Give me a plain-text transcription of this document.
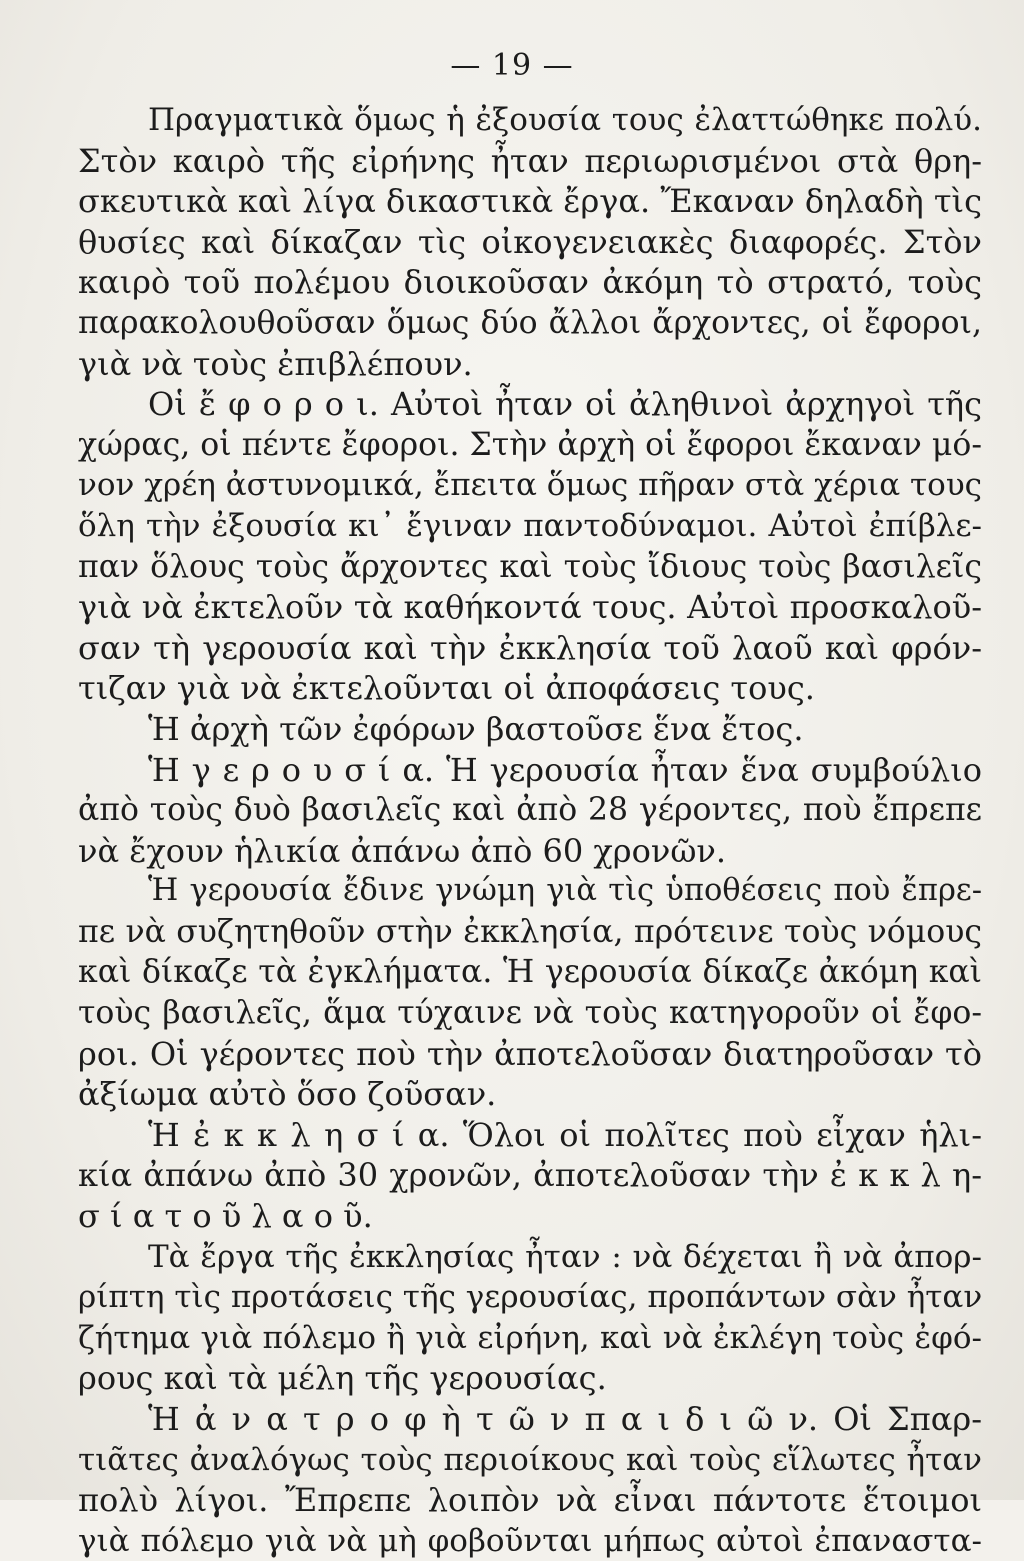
— 19 —
Πραγματικὰ ὅμως ἡ ἐξουσία τους ἐλαττώθηκε πολύ.
Στὸν καιρὸ τῆς εἰρήνης ἦταν περιωρισμένοι στὰ θρη-
σκευτικὰ καὶ λίγα δικαστικὰ ἔργα. Ἔκαναν δηλαδὴ τὶς
θυσίες καὶ δίκαζαν τὶς οἰκογενειακὲς διαφορές. Στὸν
καιρὸ τοῦ πολέμου διοικοῦσαν ἀκόμη τὸ στρατό, τοὺς
παρακολουθοῦσαν ὅμως δύο ἄλλοι ἄρχοντες, οἱ ἔφοροι,
γιὰ νὰ τοὺς ἐπιβλέπουν.
Οἱ ἔ φ ο ρ ο ι. Αὐτοὶ ἦταν οἱ ἀληθινοὶ ἀρχηγοὶ τῆς
χώρας, οἱ πέντε ἔφοροι. Στὴν ἀρχὴ οἱ ἔφοροι ἔκαναν μό-
νον χρέη ἀστυνομικά, ἔπειτα ὅμως πῆραν στὰ χέρια τους
ὅλη τὴν ἐξουσία κι᾽ ἔγιναν παντοδύναμοι. Αὐτοὶ ἐπίβλε-
παν ὅλους τοὺς ἄρχοντες καὶ τοὺς ἴδιους τοὺς βασιλεῖς
γιὰ νὰ ἐκτελοῦν τὰ καθήκοντά τους. Αὐτοὶ προσκαλοῦ-
σαν τὴ γερουσία καὶ τὴν ἐκκλησία τοῦ λαοῦ καὶ φρόν-
τιζαν γιὰ νὰ ἐκτελοῦνται οἱ ἀποφάσεις τους.
Ἡ ἀρχὴ τῶν ἐφόρων βαστοῦσε ἕνα ἔτος.
Ἡ γ ε ρ ο υ σ ί α. Ἡ γερουσία ἦταν ἕνα συμβούλιο
ἀπὸ τοὺς δυὸ βασιλεῖς καὶ ἀπὸ 28 γέροντες, ποὺ ἔπρεπε
νὰ ἔχουν ἡλικία ἀπάνω ἀπὸ 60 χρονῶν.
Ἡ γερουσία ἔδινε γνώμη γιὰ τὶς ὑποθέσεις ποὺ ἔπρε-
πε νὰ συζητηθοῦν στὴν ἐκκλησία, πρότεινε τοὺς νόμους
καὶ δίκαζε τὰ ἐγκλήματα. Ἡ γερουσία δίκαζε ἀκόμη καὶ
τοὺς βασιλεῖς, ἅμα τύχαινε νὰ τοὺς κατηγοροῦν οἱ ἔφο-
ροι. Οἱ γέροντες ποὺ τὴν ἀποτελοῦσαν διατηροῦσαν τὸ
ἀξίωμα αὐτὸ ὅσο ζοῦσαν.
Ἡ ἐ κ κ λ η σ ί α. Ὅλοι οἱ πολῖτες ποὺ εἶχαν ἡλι-
κία ἀπάνω ἀπὸ 30 χρονῶν, ἀποτελοῦσαν τὴν ἐ κ κ λ η-
σ ί α τ ο ῦ λ α ο ῦ.
Τὰ ἔργα τῆς ἐκκλησίας ἦταν : νὰ δέχεται ἢ νὰ ἀπορ-
ρίπτη τὶς προτάσεις τῆς γερουσίας, προπάντων σὰν ἦταν
ζήτημα γιὰ πόλεμο ἢ γιὰ εἰρήνη, καὶ νὰ ἐκλέγη τοὺς ἐφό-
ρους καὶ τὰ μέλη τῆς γερουσίας.
Ἡ ἀ ν α τ ρ ο φ ὴ τ ῶ ν π α ι δ ι ῶ ν. Οἱ Σπαρ-
τιᾶτες ἀναλόγως τοὺς περιοίκους καὶ τοὺς εἵλωτες ἦταν
πολὺ λίγοι. Ἔπρεπε λοιπὸν νὰ εἶναι πάντοτε ἕτοιμοι
γιὰ πόλεμο γιὰ νὰ μὴ φοβοῦνται μήπως αὐτοὶ ἐπαναστα-
